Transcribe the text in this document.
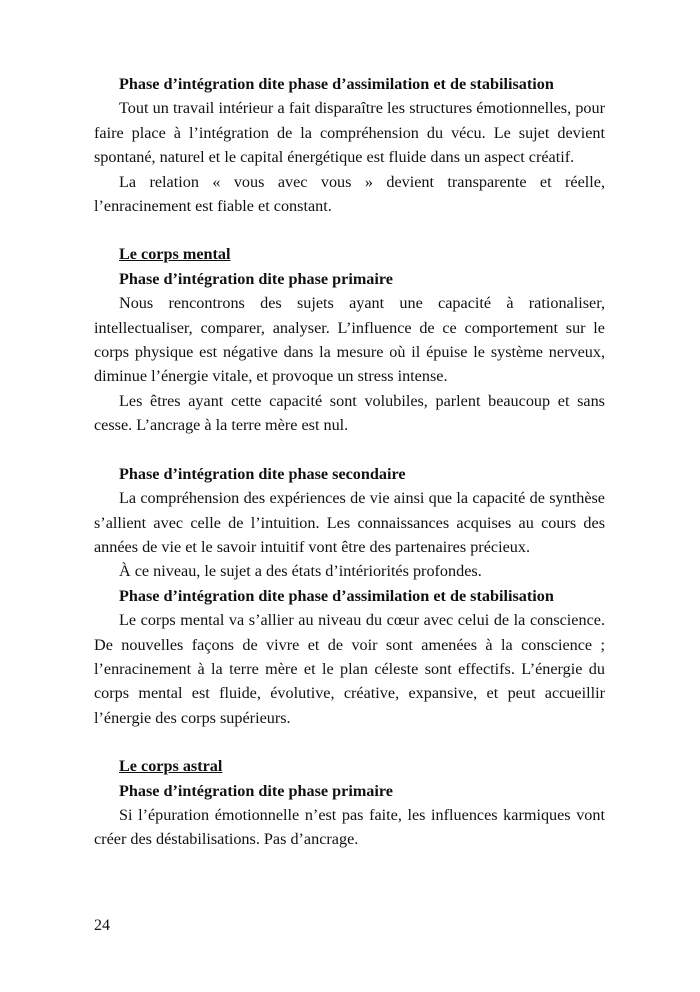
Phase d’intégration dite phase d’assimilation et de stabilisation

Tout un travail intérieur a fait disparaître les structures émotionnelles, pour faire place à l’intégration de la compréhension du vécu. Le sujet devient spontané, naturel et le capital énergétique est fluide dans un aspect créatif.

La relation « vous avec vous » devient transparente et réelle, l’enracinement est fiable et constant.

Le corps mental

Phase d’intégration dite phase primaire

Nous rencontrons des sujets ayant une capacité à rationaliser, intellectualiser, comparer, analyser. L’influence de ce comportement sur le corps physique est négative dans la mesure où il épuise le système nerveux, diminue l’énergie vitale, et provoque un stress intense.

Les êtres ayant cette capacité sont volubiles, parlent beaucoup et sans cesse. L’ancrage à la terre mère est nul.

Phase d’intégration dite phase secondaire

La compréhension des expériences de vie ainsi que la capacité de synthèse s’allient avec celle de l’intuition. Les connaissances acquises au cours des années de vie et le savoir intuitif vont être des partenaires précieux.

À ce niveau, le sujet a des états d’intériorités profondes.

Phase d’intégration dite phase d’assimilation et de stabilisation

Le corps mental va s’allier au niveau du cœur avec celui de la conscience. De nouvelles façons de vivre et de voir sont amenées à la conscience ; l’enracinement à la terre mère et le plan céleste sont effectifs. L’énergie du corps mental est fluide, évolutive, créative, expansive, et peut accueillir l’énergie des corps supérieurs.

Le corps astral

Phase d’intégration dite phase primaire

Si l’épuration émotionnelle n’est pas faite, les influences karmiques vont créer des déstabilisations. Pas d’ancrage.

24
